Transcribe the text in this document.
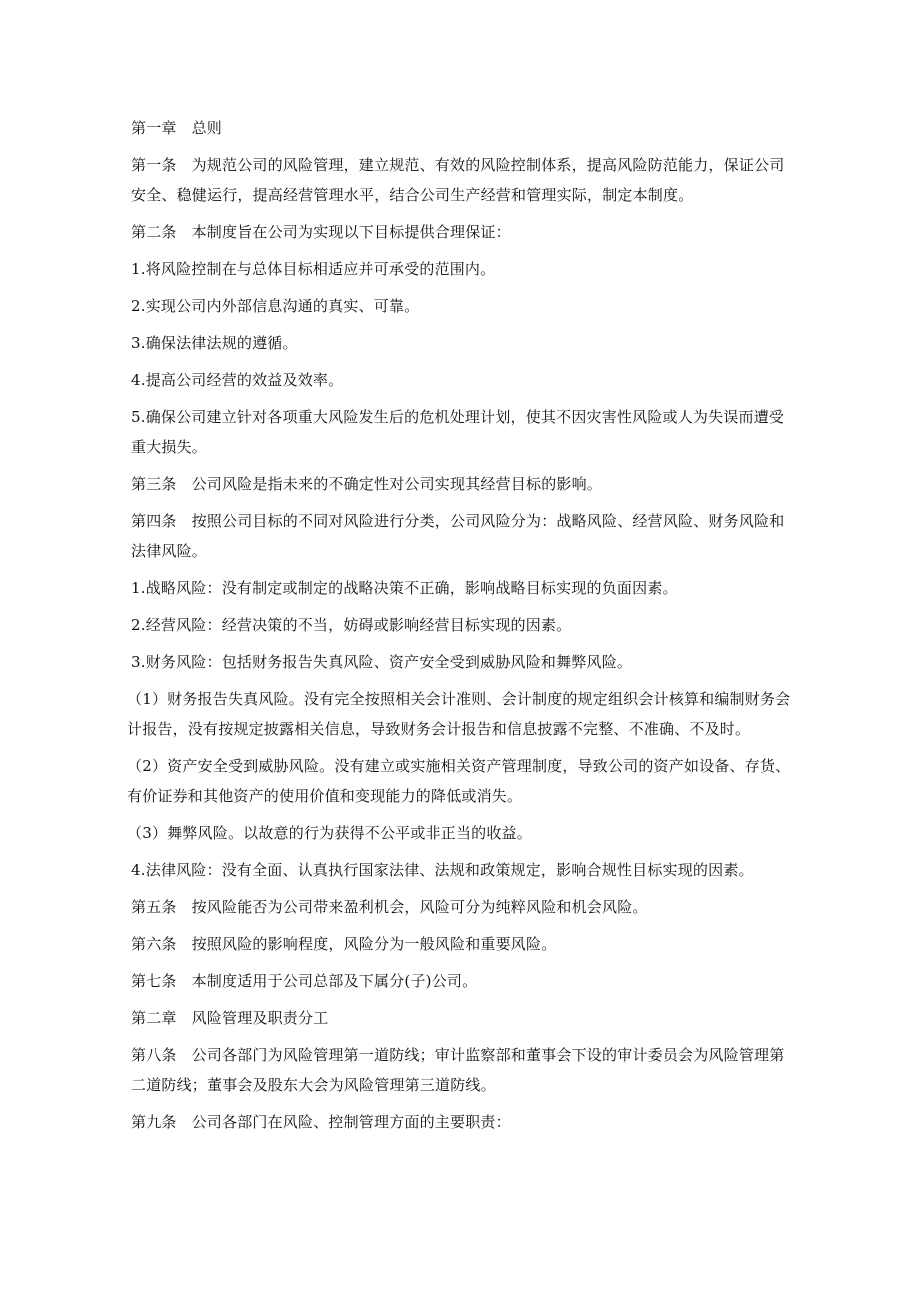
第一章 总则

第一条 为规范公司的风险管理，建立规范、有效的风险控制体系，提高风险防范能力，保证公司安全、稳健运行，提高经营管理水平，结合公司生产经营和管理实际，制定本制度。

第二条 本制度旨在公司为实现以下目标提供合理保证：

1.将风险控制在与总体目标相适应并可承受的范围内。

2.实现公司内外部信息沟通的真实、可靠。

3.确保法律法规的遵循。

4.提高公司经营的效益及效率。

5.确保公司建立针对各项重大风险发生后的危机处理计划，使其不因灾害性风险或人为失误而遭受重大损失。

第三条 公司风险是指未来的不确定性对公司实现其经营目标的影响。

第四条 按照公司目标的不同对风险进行分类，公司风险分为：战略风险、经营风险、财务风险和法律风险。

1.战略风险：没有制定或制定的战略决策不正确，影响战略目标实现的负面因素。

2.经营风险：经营决策的不当，妨碍或影响经营目标实现的因素。

3.财务风险：包括财务报告失真风险、资产安全受到威胁风险和舞弊风险。

（1）财务报告失真风险。没有完全按照相关会计准则、会计制度的规定组织会计核算和编制财务会计报告，没有按规定披露相关信息，导致财务会计报告和信息披露不完整、不准确、不及时。

（2）资产安全受到威胁风险。没有建立或实施相关资产管理制度，导致公司的资产如设备、存货、有价证券和其他资产的使用价值和变现能力的降低或消失。

（3）舞弊风险。以故意的行为获得不公平或非正当的收益。

4.法律风险：没有全面、认真执行国家法律、法规和政策规定，影响合规性目标实现的因素。

第五条 按风险能否为公司带来盈利机会，风险可分为纯粹风险和机会风险。

第六条 按照风险的影响程度，风险分为一般风险和重要风险。

第七条 本制度适用于公司总部及下属分(子)公司。

第二章 风险管理及职责分工

第八条 公司各部门为风险管理第一道防线；审计监察部和董事会下设的审计委员会为风险管理第二道防线；董事会及股东大会为风险管理第三道防线。

第九条 公司各部门在风险、控制管理方面的主要职责：
